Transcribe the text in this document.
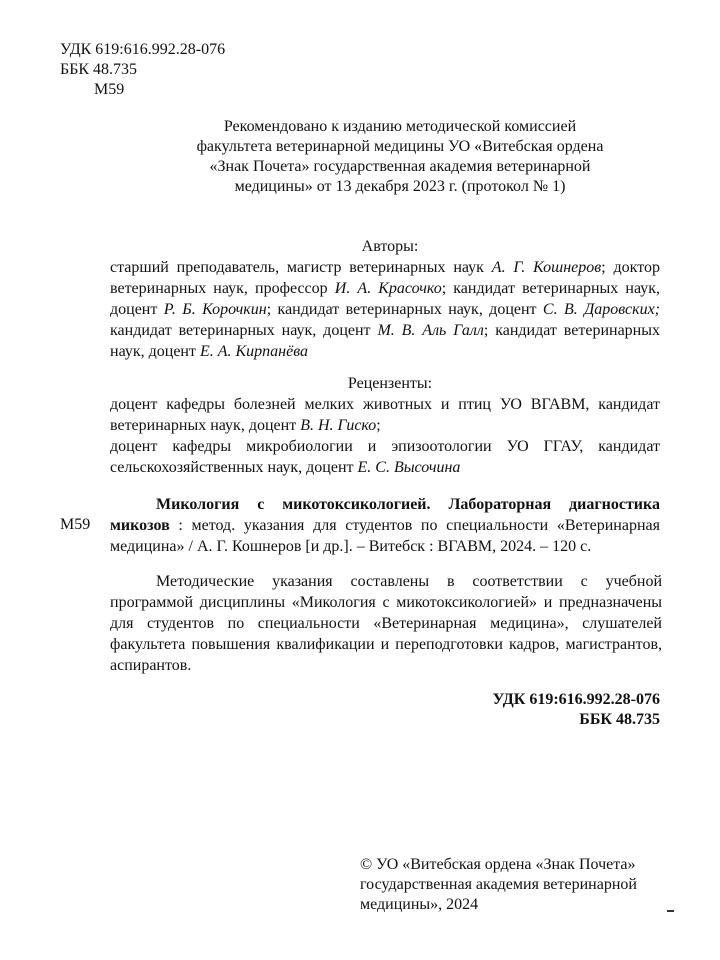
УДК 619:616.992.28-076
ББК 48.735
М59
Рекомендовано к изданию методической комиссией
факультета ветеринарной медицины УО «Витебская ордена
«Знак Почета» государственная академия ветеринарной
медицины» от 13 декабря 2023 г. (протокол № 1)
Авторы:
старший преподаватель, магистр ветеринарных наук А. Г. Кошнеров; доктор ветеринарных наук, профессор И. А. Красочко; кандидат ветеринарных наук, доцент Р. Б. Корочкин; кандидат ветеринарных наук, доцент С. В. Даровских; кандидат ветеринарных наук, доцент М. В. Аль Галл; кандидат ветеринарных наук, доцент Е. А. Кирпанёва
Рецензенты:
доцент кафедры болезней мелких животных и птиц УО ВГАВМ, кандидат ветеринарных наук, доцент В. Н. Гиско;
доцент кафедры микробиологии и эпизоотологии УО ГГАУ, кандидат сельскохозяйственных наук, доцент Е. С. Высочина
М59
Микология с микотоксикологией. Лабораторная диагностика микозов : метод. указания для студентов по специальности «Ветеринарная медицина» / А. Г. Кошнеров [и др.]. – Витебск : ВГАВМ, 2024. – 120 с.
Методические указания составлены в соответствии с учебной программой дисциплины «Микология с микотоксикологией» и предназначены для студентов по специальности «Ветеринарная медицина», слушателей факультета повышения квалификации и переподготовки кадров, магистрантов, аспирантов.
УДК 619:616.992.28-076
ББК 48.735
© УО «Витебская ордена «Знак Почета»
государственная академия ветеринарной
медицины», 2024
